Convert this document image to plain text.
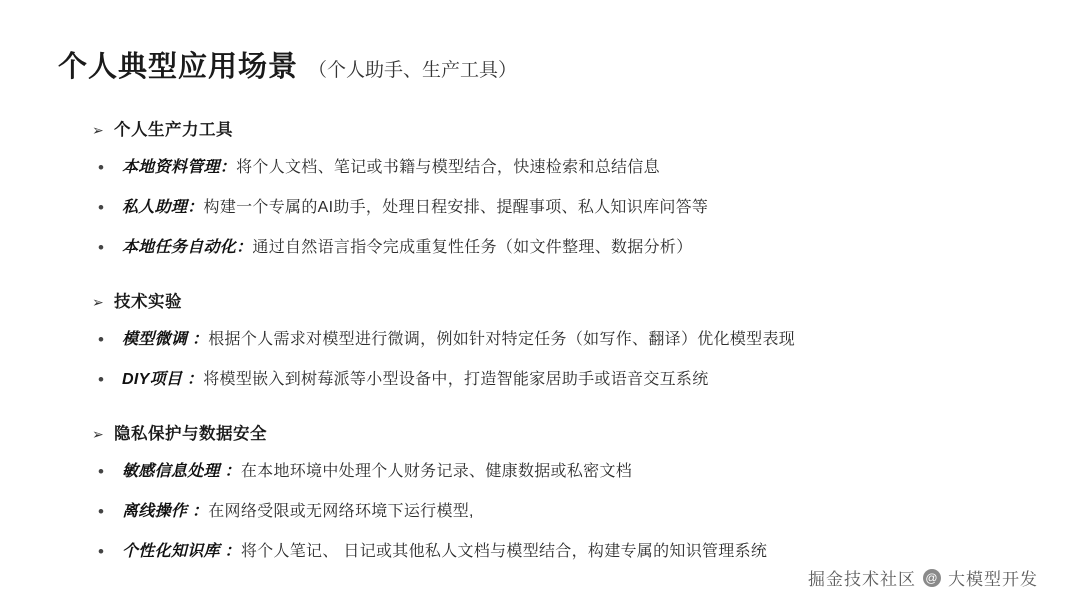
个人典型应用场景 （个人助手、生产工具）
➢ 个人生产力工具
•	本地资料管理：将个人文档、笔记或书籍与模型结合，快速检索和总结信息
•	私人助理：构建一个专属的AI助手，处理日程安排、提醒事项、私人知识库问答等
•	本地任务自动化：通过自然语言指令完成重复性任务（如文件整理、数据分析）
➢ 技术实验
•	模型微调 ：根据个人需求对模型进行微调，例如针对特定任务（如写作、翻译）优化模型表现
•	DIY项目 ：将模型嵌入到树莓派等小型设备中，打造智能家居助手或语音交互系统
➢ 隐私保护与数据安全
•	敏感信息处理 ：在本地环境中处理个人财务记录、健康数据或私密文档
•	离线操作 ：在网络受限或无网络环境下运行模型,
•	个性化知识库 ：将个人笔记、 日记或其他私人文档与模型结合，构建专属的知识管理系统
掘金技术社区 @ 大模型开发
